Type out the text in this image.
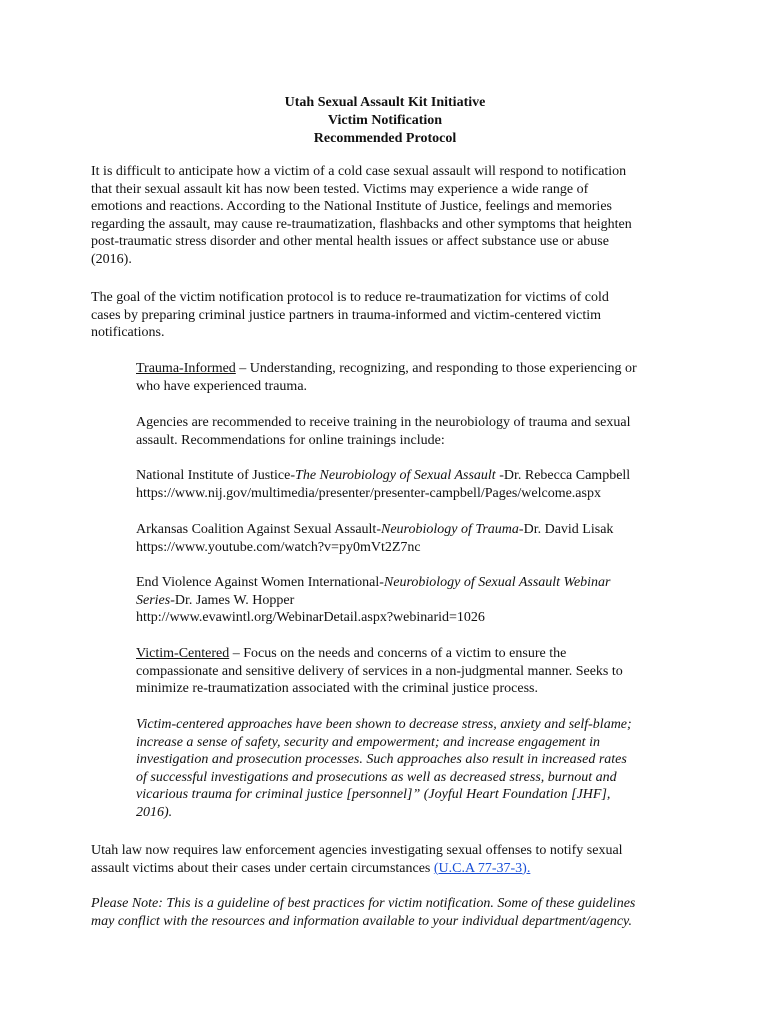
Utah Sexual Assault Kit Initiative
Victim Notification
Recommended Protocol
It is difficult to anticipate how a victim of a cold case sexual assault will respond to notification
that their sexual assault kit has now been tested. Victims may experience a wide range of
emotions and reactions. According to the National Institute of Justice, feelings and memories
regarding the assault, may cause re-traumatization, flashbacks and other symptoms that heighten
post-traumatic stress disorder and other mental health issues or affect substance use or abuse
(2016).
The goal of the victim notification protocol is to reduce re-traumatization for victims of cold
cases by preparing criminal justice partners in trauma-informed and victim-centered victim
notifications.
Trauma-Informed – Understanding, recognizing, and responding to those experiencing or
who have experienced trauma.
Agencies are recommended to receive training in the neurobiology of trauma and sexual
assault. Recommendations for online trainings include:
National Institute of Justice-The Neurobiology of Sexual Assault -Dr. Rebecca Campbell
https://www.nij.gov/multimedia/presenter/presenter-campbell/Pages/welcome.aspx
Arkansas Coalition Against Sexual Assault-Neurobiology of Trauma-Dr. David Lisak
https://www.youtube.com/watch?v=py0mVt2Z7nc
End Violence Against Women International-Neurobiology of Sexual Assault Webinar
Series-Dr. James W. Hopper
http://www.evawintl.org/WebinarDetail.aspx?webinarid=1026
Victim-Centered – Focus on the needs and concerns of a victim to ensure the
compassionate and sensitive delivery of services in a non-judgmental manner. Seeks to
minimize re-traumatization associated with the criminal justice process.
Victim-centered approaches have been shown to decrease stress, anxiety and self-blame;
increase a sense of safety, security and empowerment; and increase engagement in
investigation and prosecution processes. Such approaches also result in increased rates
of successful investigations and prosecutions as well as decreased stress, burnout and
vicarious trauma for criminal justice [personnel]” (Joyful Heart Foundation [JHF],
2016).
Utah law now requires law enforcement agencies investigating sexual offenses to notify sexual
assault victims about their cases under certain circumstances (U.C.A 77-37-3).
Please Note: This is a guideline of best practices for victim notification. Some of these guidelines
may conflict with the resources and information available to your individual department/agency.
